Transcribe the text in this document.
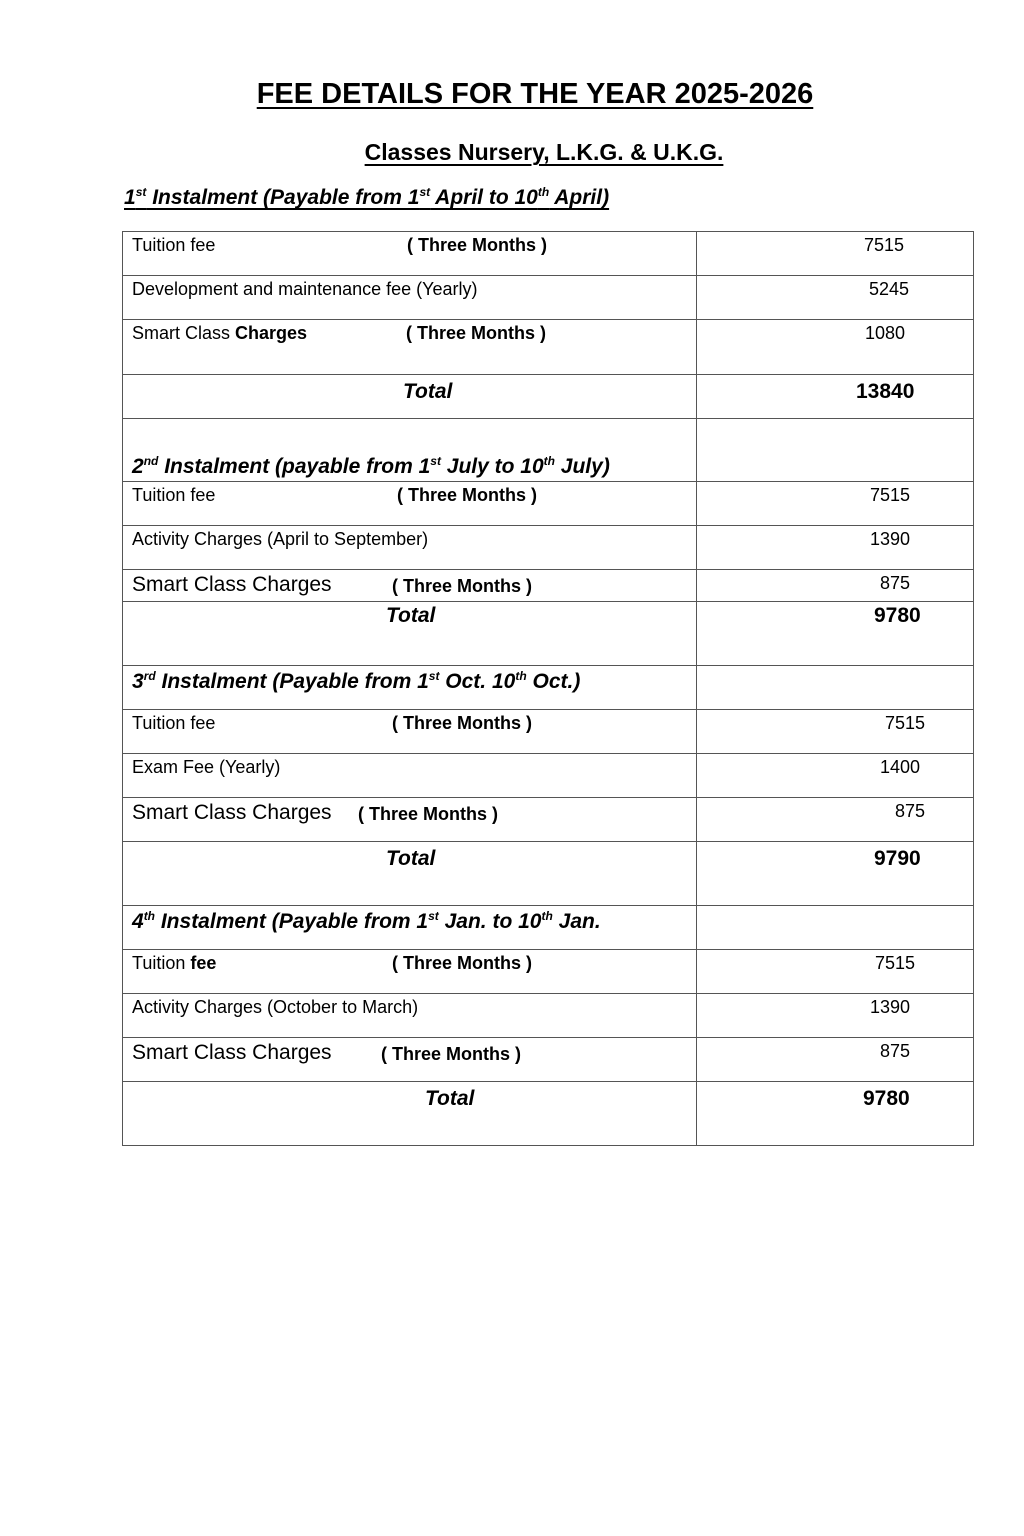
FEE DETAILS FOR THE YEAR 2025-2026
Classes Nursery, L.K.G. & U.K.G.

1st Instalment (Payable from 1st April to 10th April)

Tuition fee ( Three Months )	7515

Development and maintenance fee (Yearly)	5245

Smart Class Charges ( Three Months )	1080

Total	13840

2nd Instalment (payable from 1st July to 10th July)	

Tuition fee ( Three Months )	7515

Activity Charges (April to September)	1390

Smart Class Charges ( Three Months )	875

Total	9780

3rd Instalment (Payable from 1st Oct. 10th Oct.)	

Tuition fee ( Three Months )	7515

Exam Fee (Yearly)	1400

Smart Class Charges ( Three Months )	875

Total	9790

4th Instalment (Payable from 1st Jan. to 10th Jan.	

Tuition fee ( Three Months )	7515

Activity Charges (October to March)	1390

Smart Class Charges ( Three Months )	875

Total	9780
